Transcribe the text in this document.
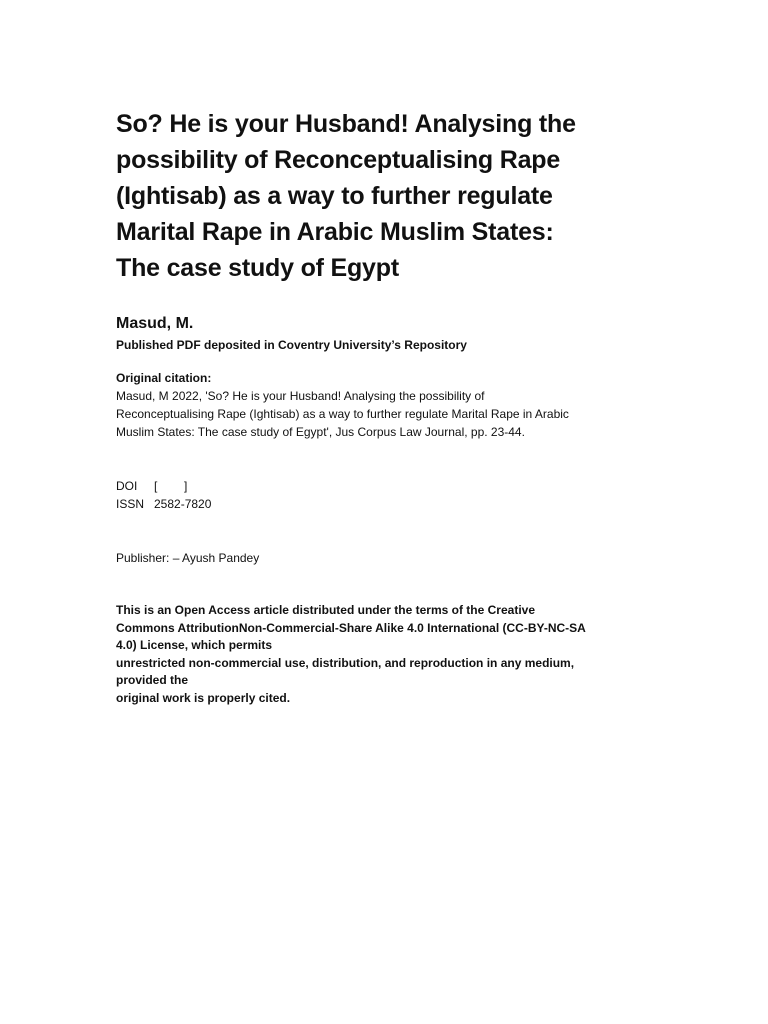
So? He is your Husband! Analysing the
possibility of Reconceptualising Rape
(Ightisab) as a way to further regulate
Marital Rape in Arabic Muslim States:
The case study of Egypt
Masud, M.
Published PDF deposited in Coventry University’s Repository
Original citation:
Masud, M 2022, 'So? He is your Husband! Analysing the possibility of
Reconceptualising Rape (Ightisab) as a way to further regulate Marital Rape in Arabic
Muslim States: The case study of Egypt', Jus Corpus Law Journal, pp. 23-44.
DOI [        ]
ISSN 2582-7820
Publisher: – Ayush Pandey
This is an Open Access article distributed under the terms of the Creative
Commons AttributionNon-Commercial-Share Alike 4.0 International (CC-BY-NC-SA
4.0) License, which permits
unrestricted non-commercial use, distribution, and reproduction in any medium,
provided the
original work is properly cited.
